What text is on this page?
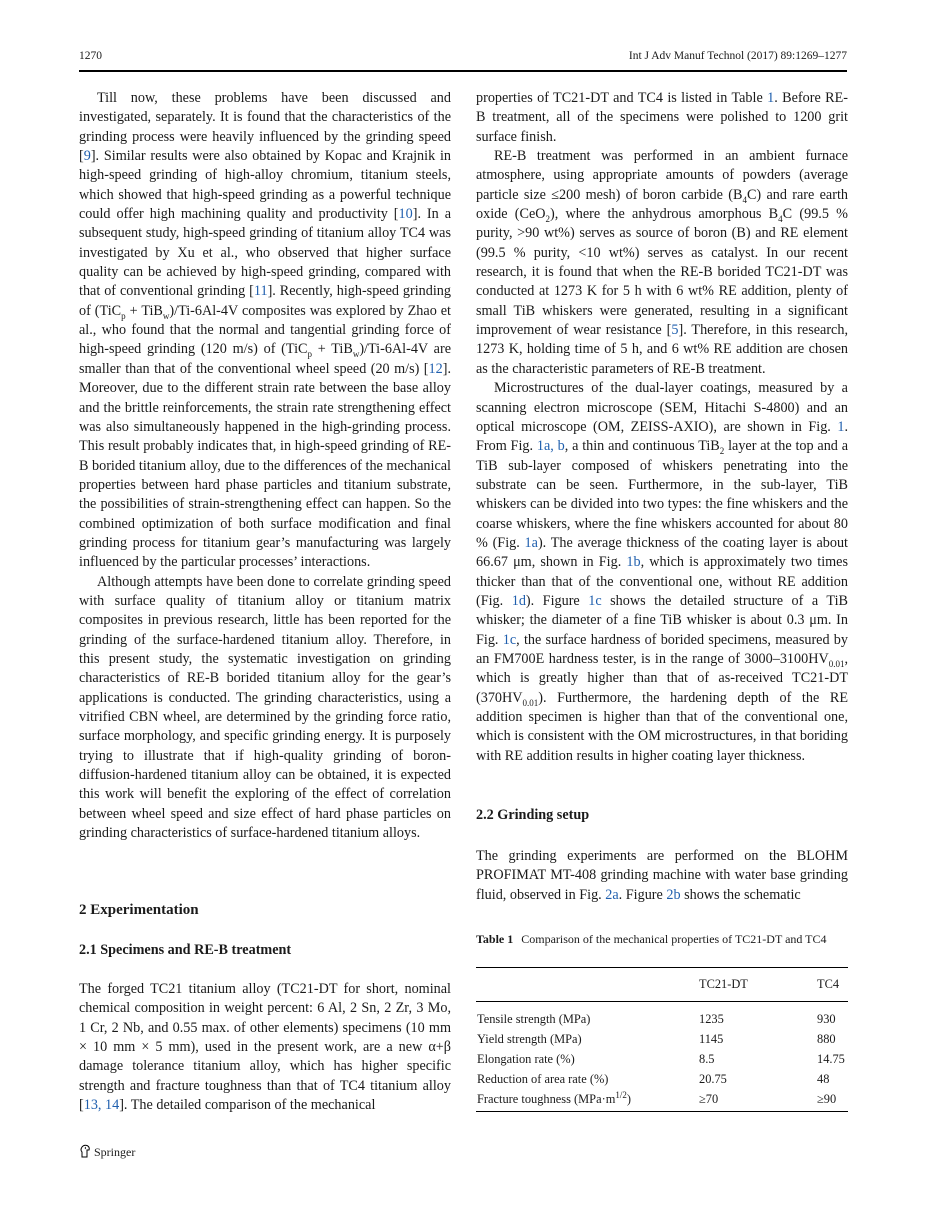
1270	Int J Adv Manuf Technol (2017) 89:1269–1277

Till now, these problems have been discussed and investigated, separately. It is found that the characteristics of the grinding process were heavily influenced by the grinding speed [9]. Similar results were also obtained by Kopac and Krajnik in high-speed grinding of high-alloy chromium, titanium steels, which showed that high-speed grinding as a powerful technique could offer high machining quality and productivity [10]. In a subsequent study, high-speed grinding of titanium alloy TC4 was investigated by Xu et al., who observed that higher surface quality can be achieved by high-speed grinding, compared with that of conventional grinding [11]. Recently, high-speed grinding of (TiC$_p$ + TiB$_w$)/Ti-6Al-4V composites was explored by Zhao et al., who found that the normal and tangential grinding force of high-speed grinding (120 m/s) of (TiC$_p$ + TiB$_w$)/Ti-6Al-4V are smaller than that of the conventional wheel speed (20 m/s) [12]. Moreover, due to the different strain rate between the base alloy and the brittle reinforcements, the strain rate strengthening effect was also simultaneously happened in the high-grinding process. This result probably indicates that, in high-speed grinding of RE-B borided titanium alloy, due to the differences of the mechanical properties between hard phase particles and titanium substrate, the possibilities of strain-strengthening effect can happen. So the combined optimization of both surface modification and final grinding process for titanium gear’s manufacturing was largely influenced by the particular processes’ interactions.

Although attempts have been done to correlate grinding speed with surface quality of titanium alloy or titanium matrix composites in previous research, little has been reported for the grinding of the surface-hardened titanium alloy. Therefore, in this present study, the systematic investigation on grinding characteristics of RE-B borided titanium alloy for the gear’s applications is conducted. The grinding characteristics, using a vitrified CBN wheel, are determined by the grinding force ratio, surface morphology, and specific grinding energy. It is purposely trying to illustrate that if high-quality grinding of boron-diffusion-hardened titanium alloy can be obtained, it is expected this work will benefit the exploring of the effect of correlation between wheel speed and size effect of hard phase particles on grinding characteristics of surface-hardened titanium alloys.

2 Experimentation
2.1 Specimens and RE-B treatment

The forged TC21 titanium alloy (TC21-DT for short, nominal chemical composition in weight percent: 6 Al, 2 Sn, 2 Zr, 3 Mo, 1 Cr, 2 Nb, and 0.55 max. of other elements) specimens (10 mm × 10 mm × 5 mm), used in the present work, are a new α+β damage tolerance titanium alloy, which has higher specific strength and fracture toughness than that of TC4 titanium alloy [13, 14]. The detailed comparison of the mechanical

properties of TC21-DT and TC4 is listed in Table 1. Before RE-B treatment, all of the specimens were polished to 1200 grit surface finish.

RE-B treatment was performed in an ambient furnace atmosphere, using appropriate amounts of powders (average particle size ≤200 mesh) of boron carbide $(B_4C)$ and rare earth oxide (CeO$_2$), where the anhydrous amorphous $B_4C$ (99.5 % purity, >90 wt%) serves as source of boron (B) and RE element (99.5 % purity, <10 wt%) serves as catalyst. In our recent research, it is found that when the RE-B borided TC21-DT was conducted at 1273 K for 5 h with 6 wt% RE addition, plenty of small TiB whiskers were generated, resulting in a significant improvement of wear resistance [5]. Therefore, in this research, 1273 K, holding time of 5 h, and 6 wt% RE addition are chosen as the characteristic parameters of RE-B treatment.

Microstructures of the dual-layer coatings, measured by a scanning electron microscope (SEM, Hitachi S-4800) and an optical microscope (OM, ZEISS-AXIO), are shown in Fig. 1. From Fig. 1a, b, a thin and continuous TiB$_2$ layer at the top and a TiB sub-layer composed of whiskers penetrating into the substrate can be seen. Furthermore, in the sub-layer, TiB whiskers can be divided into two types: the fine whiskers and the coarse whiskers, where the fine whiskers accounted for about 80 % (Fig. 1a). The average thickness of the coating layer is about 66.67 μm, shown in Fig. 1b, which is approximately two times thicker than that of the conventional one, without RE addition (Fig. 1d). Figure 1c shows the detailed structure of a TiB whisker; the diameter of a fine TiB whisker is about 0.3 μm. In Fig. 1c, the surface hardness of borided specimens, measured by an FM700E hardness tester, is in the range of $3000-3100HV_{0.01}$, which is greatly higher than that of as-received TC21-DT $(370HV_{0.01})$. Furthermore, the hardening depth of the RE addition specimen is higher than that of the conventional one, which is consistent with the OM microstructures, in that boriding with RE addition results in higher coating layer thickness.

2.2 Grinding setup

The grinding experiments are performed on the BLOHM PROFIMAT MT-408 grinding machine with water base grinding fluid, observed in Fig. 2a. Figure 2b shows the schematic

Table 1 Comparison of the mechanical properties of TC21-DT and TC4
	TC21-DT	TC4

Tensile strength (MPa)	1235	930
Yield strength (MPa)	1145	880
Elongation rate (%)	8.5	14.75
Reduction of area rate (%)	20.75	48
Fracture toughness $(MPa\cdot m^{1/2})$	≥70	≥90
Springer
